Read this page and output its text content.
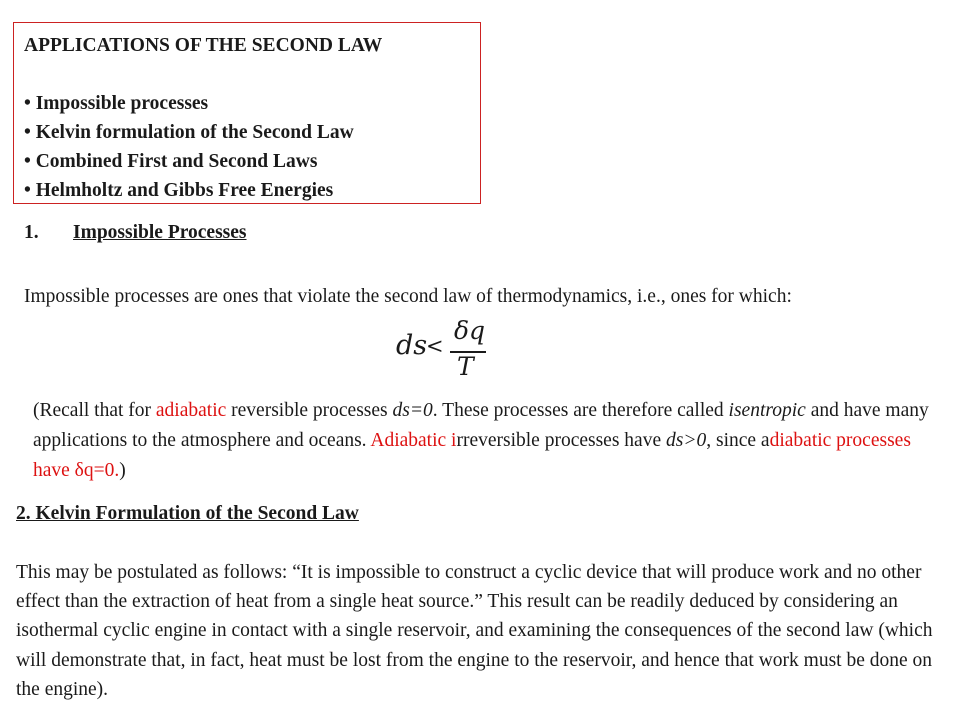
APPLICATIONS OF THE SECOND LAW
• Impossible processes
• Kelvin formulation of the Second Law
• Combined First and Second Laws
• Helmholtz and Gibbs Free Energies
1. Impossible Processes
Impossible processes are ones that violate the second law of thermodynamics, i.e., ones for which:
ds
<
δq
T
(Recall that for adiabatic reversible processes ds=0. These processes are therefore called isentropic and have many applications to the atmosphere and oceans. Adiabatic irreversible processes have ds>0, since adiabatic processes have δq=0.)
2. Kelvin Formulation of the Second Law
This may be postulated as follows: “It is impossible to construct a cyclic device that will produce work and no other effect than the extraction of heat from a single heat source.” This result can be readily deduced by considering an isothermal cyclic engine in contact with a single reservoir, and examining the consequences of the second law (which will demonstrate that, in fact, heat must be lost from the engine to the reservoir, and hence that work must be done on the engine).
